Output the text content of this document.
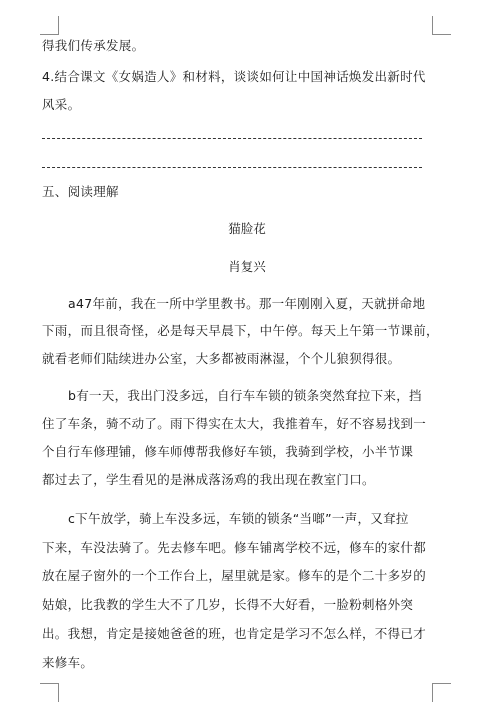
得我们传承发展。
4.结合课文《女娲造人》和材料，谈谈如何让中国神话焕发出新时代
风采。
五、阅读理解
猫脸花
肖复兴
a47年前，我在一所中学里教书。那一年刚刚入夏，天就拼命地
下雨，而且很奇怪，必是每天早晨下，中午停。每天上午第一节课前，
就看老师们陆续进办公室，大多都被雨淋湿，个个儿狼狈得很。
b有一天，我出门没多远，自行车车锁的锁条突然耷拉下来，挡
住了车条，骑不动了。雨下得实在太大，我推着车，好不容易找到一
个自行车修理铺，修车师傅帮我修好车锁，我骑到学校，小半节课
都过去了，学生看见的是淋成落汤鸡的我出现在教室门口。
c下午放学，骑上车没多远，车锁的锁条“当啷”一声，又耷拉
下来，车没法骑了。先去修车吧。修车铺离学校不远，修车的家什都
放在屋子窗外的一个工作台上，屋里就是家。修车的是个二十多岁的
姑娘，比我教的学生大不了几岁，长得不大好看，一脸粉刺格外突
出。我想，肯定是接她爸爸的班，也肯定是学习不怎么样，不得已才
来修车。
